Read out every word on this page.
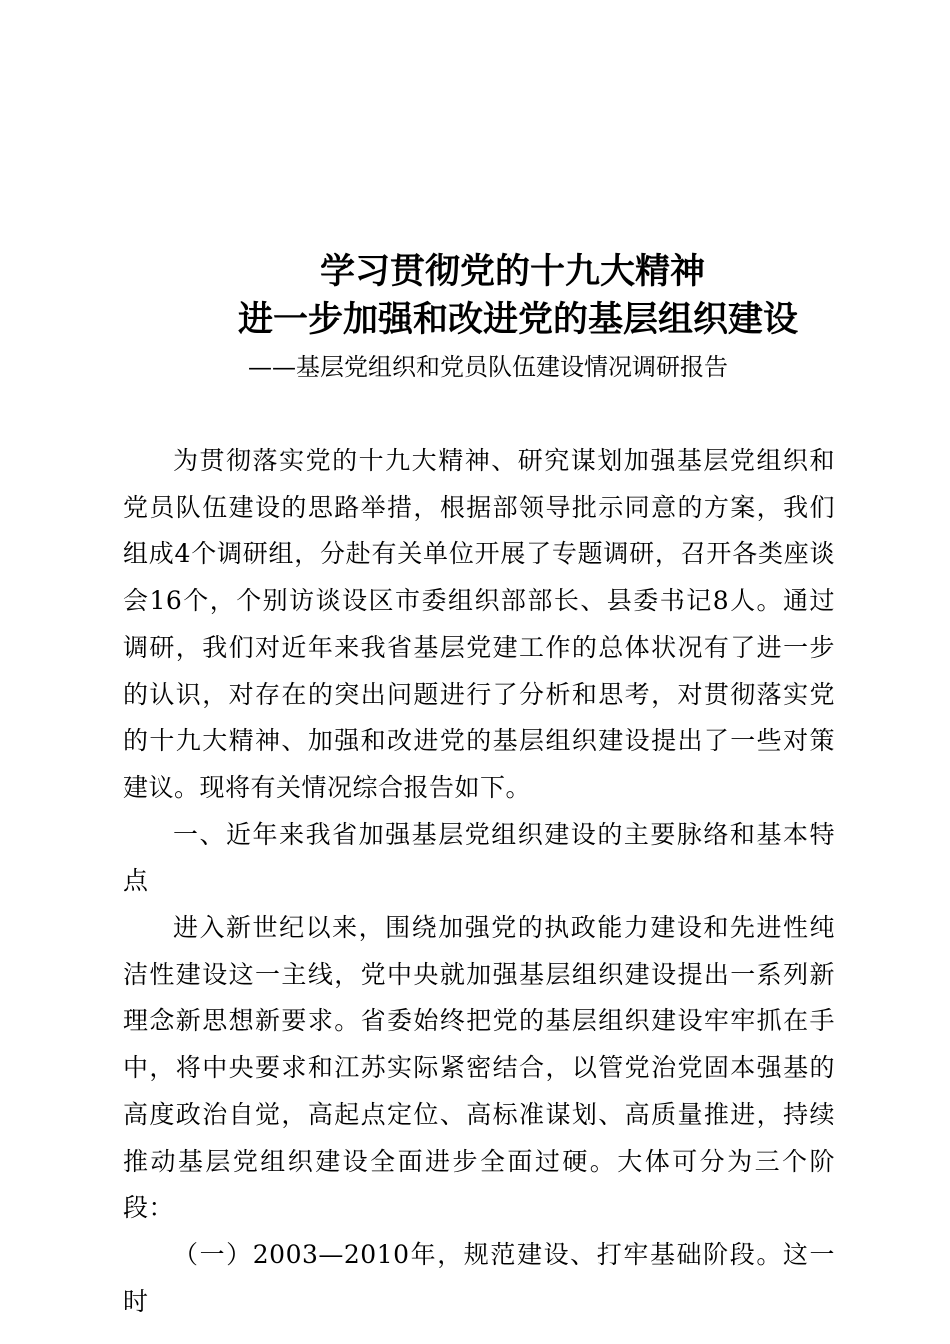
学习贯彻党的十九大精神
进一步加强和改进党的基层组织建设
——基层党组织和党员队伍建设情况调研报告

为贯彻落实党的十九大精神、研究谋划加强基层党组织和党员队伍建设的思路举措，根据部领导批示同意的方案，我们组成4个调研组，分赴有关单位开展了专题调研，召开各类座谈会16个，个别访谈设区市委组织部部长、县委书记8人。通过调研，我们对近年来我省基层党建工作的总体状况有了进一步的认识，对存在的突出问题进行了分析和思考，对贯彻落实党的十九大精神、加强和改进党的基层组织建设提出了一些对策建议。现将有关情况综合报告如下。

一、近年来我省加强基层党组织建设的主要脉络和基本特点

进入新世纪以来，围绕加强党的执政能力建设和先进性纯洁性建设这一主线，党中央就加强基层组织建设提出一系列新理念新思想新要求。省委始终把党的基层组织建设牢牢抓在手中，将中央要求和江苏实际紧密结合，以管党治党固本强基的高度政治自觉，高起点定位、高标准谋划、高质量推进，持续推动基层党组织建设全面进步全面过硬。大体可分为三个阶段：

（一）2003—2010年，规范建设、打牢基础阶段。这一时
